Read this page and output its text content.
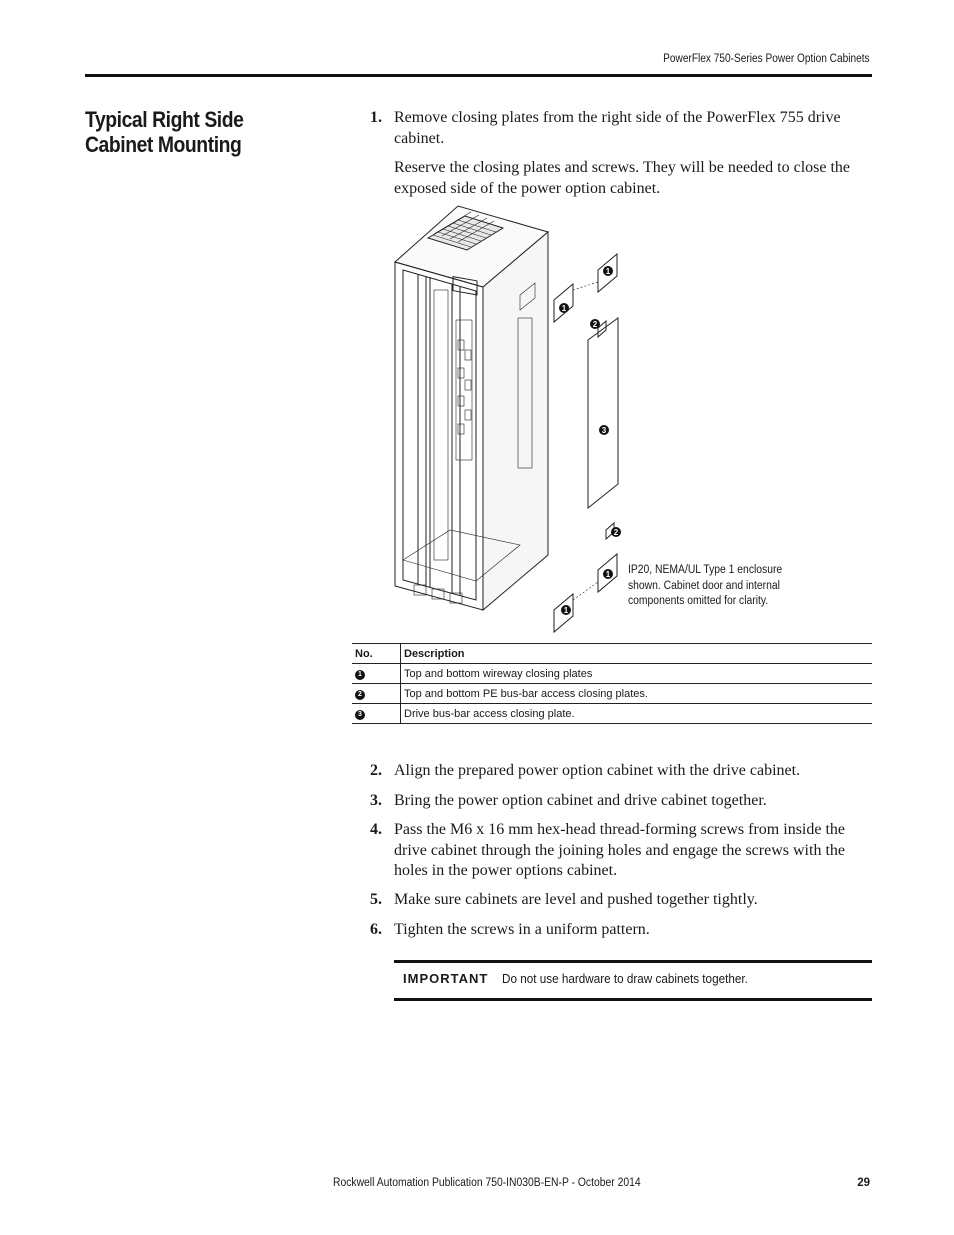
PowerFlex 750-Series Power Option Cabinets
Typical Right Side Cabinet Mounting
1. Remove closing plates from the right side of the PowerFlex 755 drive cabinet.
Reserve the closing plates and screws. They will be needed to close the exposed side of the power option cabinet.
1
1
2
3
2
1
1
IP20, NEMA/UL Type 1 enclosure shown. Cabinet door and internal components omitted for clarity.
No.	Description
1	Top and bottom wireway closing plates
2	Top and bottom PE bus-bar access closing plates.
3	Drive bus-bar access closing plate.
2. Align the prepared power option cabinet with the drive cabinet.
3. Bring the power option cabinet and drive cabinet together.
4. Pass the M6 x 16 mm hex-head thread-forming screws from inside the drive cabinet through the joining holes and engage the screws with the holes in the power options cabinet.
5. Make sure cabinets are level and pushed together tightly.
6. Tighten the screws in a uniform pattern.
IMPORTANT Do not use hardware to draw cabinets together.
Rockwell Automation Publication 750-IN030B-EN-P - October 2014	29
